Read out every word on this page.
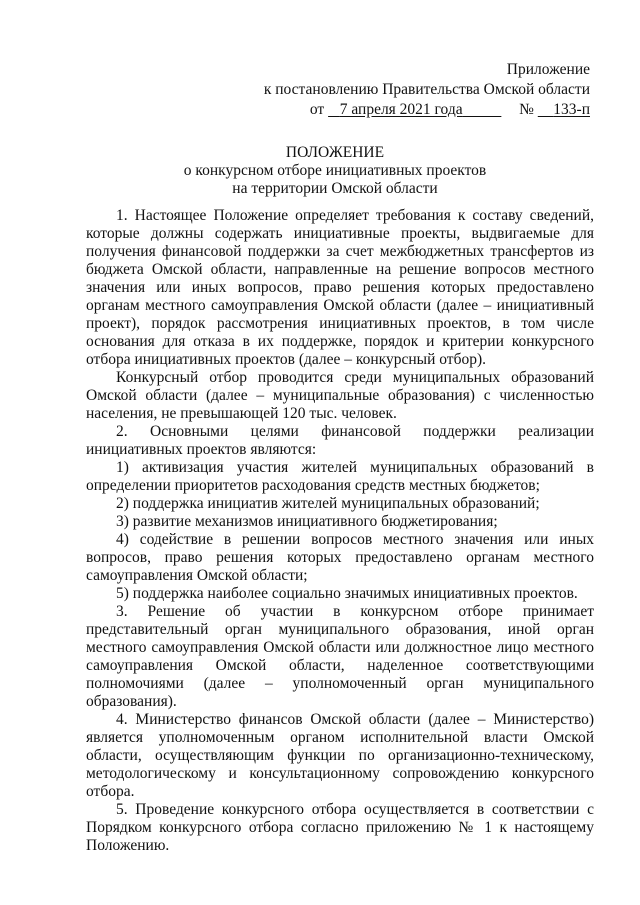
Приложение
к постановлению Правительства Омской области
от 7 апреля 2021 года	№ 133-п
ПОЛОЖЕНИЕ
о конкурсном отборе инициативных проектов
на территории Омской области

1. Настоящее Положение определяет требования к составу сведений, которые должны содержать инициативные проекты, выдвигаемые для получения финансовой поддержки за счет межбюджетных трансфертов из бюджета Омской области, направленные на решение вопросов местного значения или иных вопросов, право решения которых предоставлено органам местного самоуправления Омской области (далее – инициативный проект), порядок рассмотрения инициативных проектов, в том числе основания для отказа в их поддержке, порядок и критерии конкурсного отбора инициативных проектов (далее – конкурсный отбор).

Конкурсный отбор проводится среди муниципальных образований Омской области (далее – муниципальные образования) с численностью населения, не превышающей 120 тыс. человек.

2. Основными целями финансовой поддержки реализации инициативных проектов являются:

1) активизация участия жителей муниципальных образований в определении приоритетов расходования средств местных бюджетов;

2) поддержка инициатив жителей муниципальных образований;

3) развитие механизмов инициативного бюджетирования;

4) содействие в решении вопросов местного значения или иных вопросов, право решения которых предоставлено органам местного самоуправления Омской области;

5) поддержка наиболее социально значимых инициативных проектов.

3. Решение об участии в конкурсном отборе принимает представительный орган муниципального образования, иной орган местного самоуправления Омской области или должностное лицо местного самоуправления Омской области, наделенное соответствующими полномочиями (далее – уполномоченный орган муниципального образования).

4. Министерство финансов Омской области (далее – Министерство) является уполномоченным органом исполнительной власти Омской области, осуществляющим функции по организационно-техническому, методологическому и консультационному сопровождению конкурсного отбора.

5. Проведение конкурсного отбора осуществляется в соответствии с Порядком конкурсного отбора согласно приложению № 1 к настоящему Положению.
